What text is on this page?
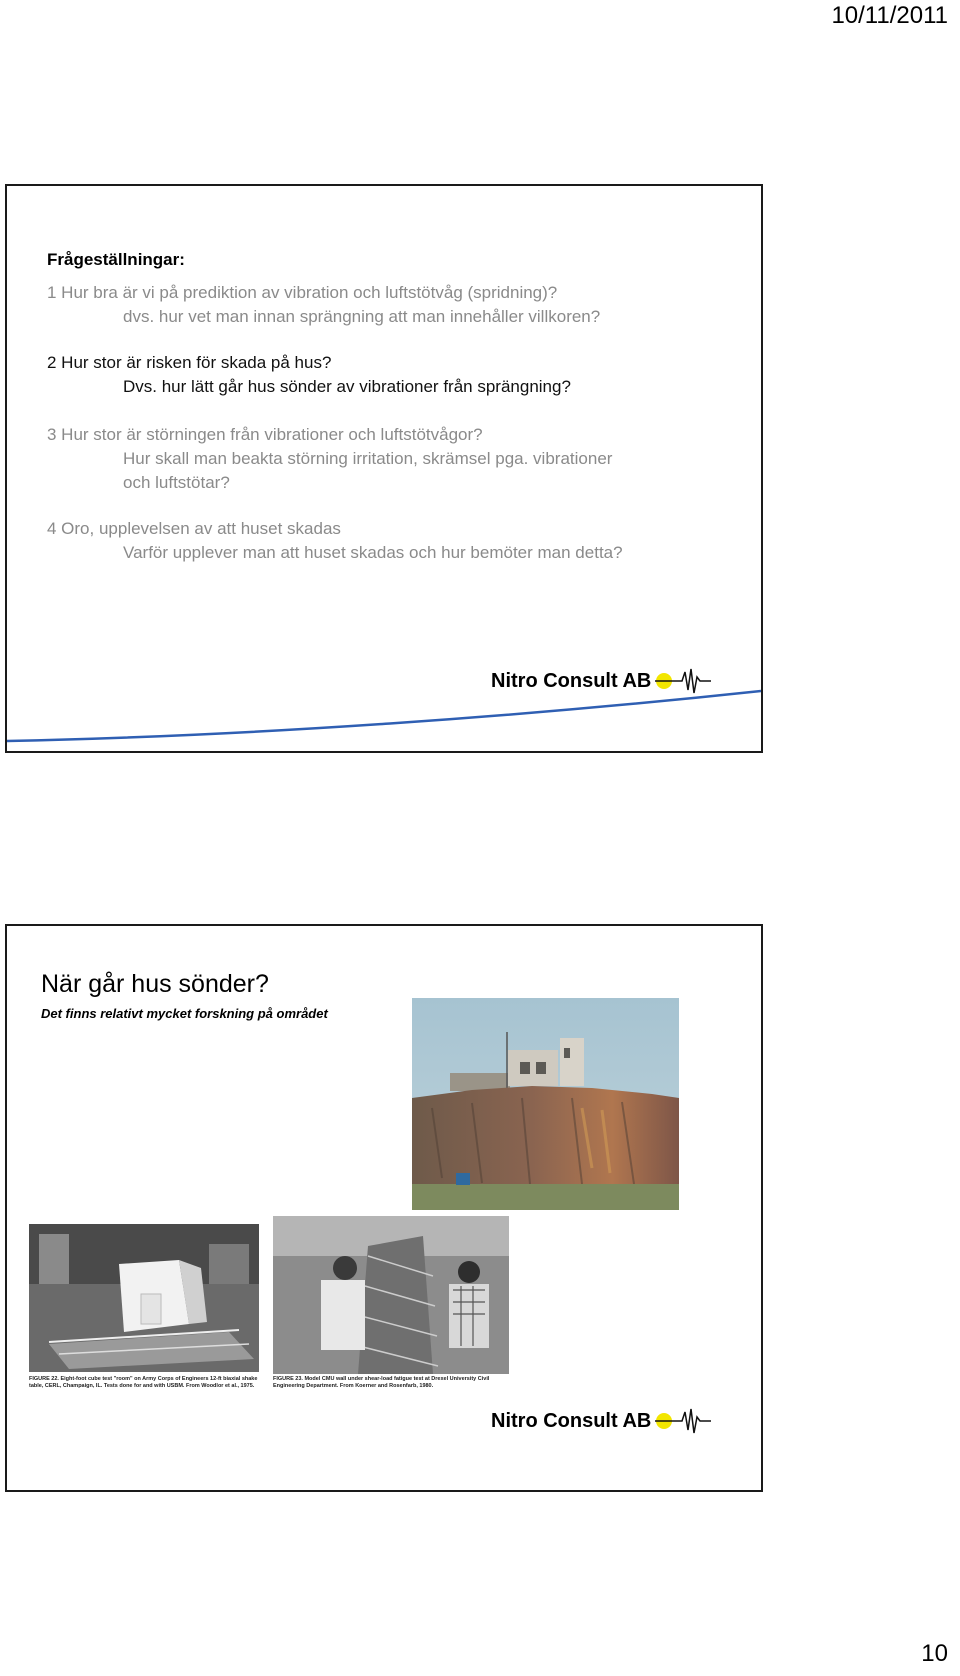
10/11/2011
Frågeställningar:
1 Hur bra är vi på prediktion av vibration och luftstötvåg (spridning)?
dvs. hur vet man innan sprängning att man innehåller villkoren?
2 Hur stor är risken för skada på hus?
Dvs. hur lätt går hus sönder av vibrationer från sprängning?
3 Hur stor är störningen från vibrationer och luftstötvågor?
Hur skall man beakta störning irritation, skrämsel pga. vibrationer
och luftstötar?
4 Oro, upplevelsen av att huset skadas
Varför upplever man att huset skadas och hur bemöter man detta?
Nitro Consult AB
När går hus sönder?
Det finns relativt mycket forskning på området
FIGURE 22. Eight-foot cube test "room" on Army Corps of Engineers 12-ft biaxial shake table, CERL, Champaign, IL. Tests done for and with USBM. From Woodlor et al., 1975.
FIGURE 23. Model CMU wall under shear-load fatigue test at Drexel University Civil Engineering Department. From Koerner and Rosenfarb, 1980.
Nitro Consult AB
10
